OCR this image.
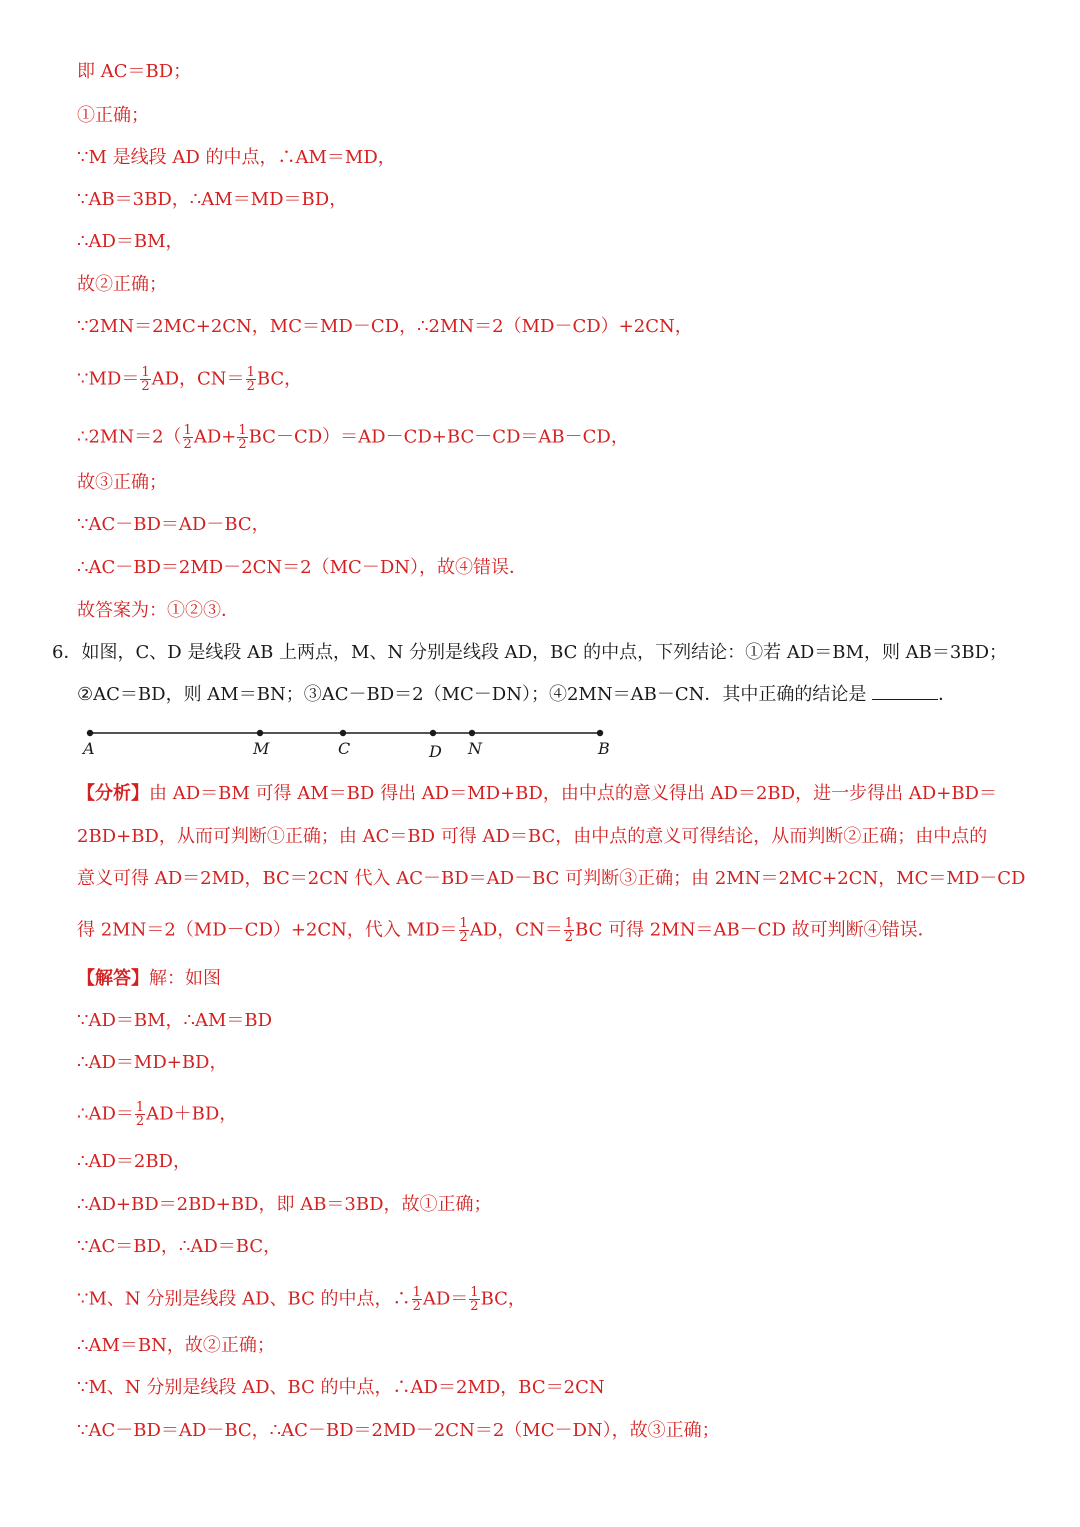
即 AC＝BD；
①正确；
∵M 是线段 AD 的中点，∴AM＝MD，
∵AB＝3BD，∴AM＝MD＝BD，
∴AD＝BM，
故②正确；
∵2MN＝2MC+2CN，MC＝MD－CD，∴2MN＝2（MD－CD）+2CN，
∵MD＝ $\frac{1}{2}$ AD，$CN= \frac{1}{2}$ BC，
∴2MN＝2（ $\frac{1}{2} AD+ \frac{1}{2} BC-CD)=AD-CD+BC-CD=AB-CD$，
故③正确；
∵AC－BD＝AD－BC，
∴AC－BD＝2MD－2CN＝2（MC－DN），故④错误．
故答案为：①②③．
6．如图，C、D 是线段 AB 上两点，M、N 分别是线段 AD，BC 的中点，下列结论：①若 AD＝BM，则 AB＝3BD；
②AC＝BD，则 AM＝BN；③AC－BD＝2（MC－DN）；④2MN＝AB－CN．其中正确的结论是	．
A	M	C	D N	B
【分析】由 AD＝BM 可得 AM＝BD 得出 AD＝MD+BD，由中点的意义得出 AD＝2BD，进一步得出 AD+BD＝
2BD+BD，从而可判断①正确；由 AC＝BD 可得 AD＝BC，由中点的意义可得结论，从而判断②正确；由中点的
意义可得 AD＝2MD，BC＝2CN 代入 AC－BD＝AD－BC 可判断③正确；由 2MN＝2MC+2CN，MC＝MD－CD
得 2MN＝2（MD－CD）+2CN，代入 $MD= \frac{1}{2}$ AD，$CN= \frac{1}{2}$ BC 可得 2MN＝AB－CD 故可判断④错误．
【解答】解：如图
∵AD＝BM，∴AM＝BD
∴AD＝MD+BD，
∴AD＝ $\frac{1}{2} AD+BD$，
∴AD＝2BD，
∴AD+BD＝2BD+BD，即 AB＝3BD，故①正确；
∵AC＝BD，∴AD＝BC，
∵M、N 分别是线段 AD、BC 的中点，∴ $\frac{1}{2} AD= \frac{1}{2}$ BC，
∴AM＝BN，故②正确；
∵M、N 分别是线段 AD、BC 的中点，∴AD＝2MD，BC＝2CN
∵AC－BD＝AD－BC，∴AC－BD＝2MD－2CN＝2（MC－DN），故③正确；
